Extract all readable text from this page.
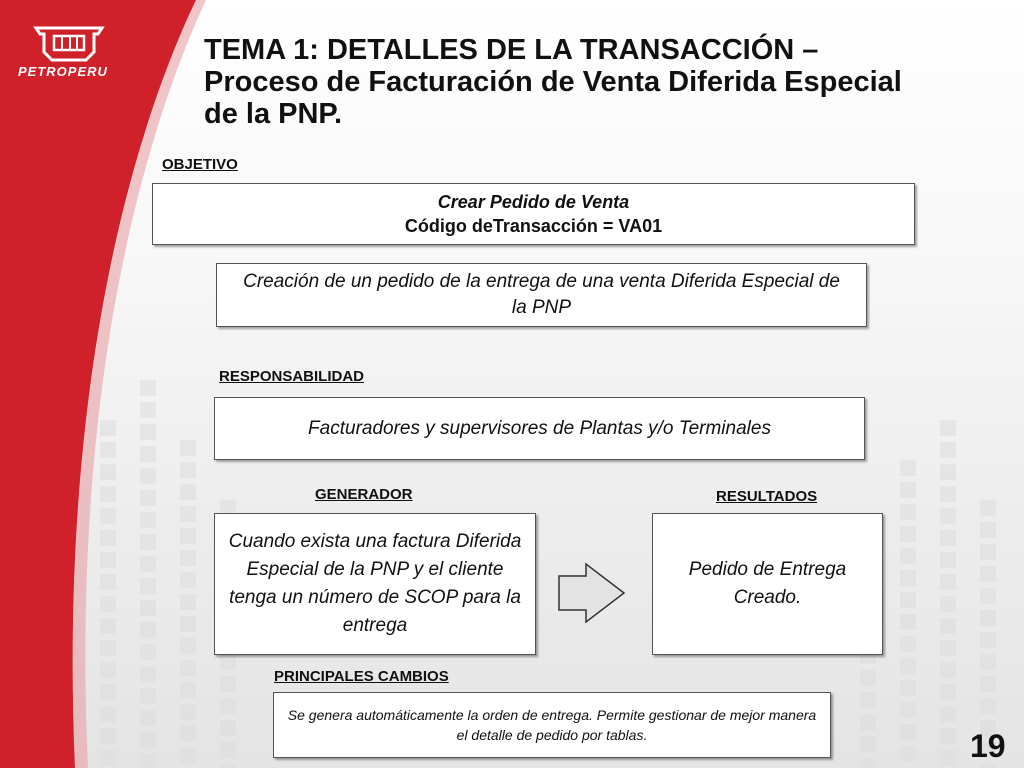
PETROPERU
TEMA 1: DETALLES DE LA TRANSACCIÓN – Proceso de Facturación de Venta Diferida Especial de la PNP.
OBJETIVO
Crear Pedido de Venta
Código deTransacción = VA01
Creación de un pedido de la entrega de una venta Diferida Especial de la PNP
RESPONSABILIDAD
Facturadores y supervisores de Plantas y/o Terminales
GENERADOR
Cuando exista una factura Diferida Especial de la PNP y el cliente tenga un número de SCOP para la entrega
RESULTADOS
Pedido de Entrega Creado.
PRINCIPALES CAMBIOS
Se genera automáticamente la orden de entrega. Permite gestionar de mejor manera el detalle de pedido por tablas.	19
